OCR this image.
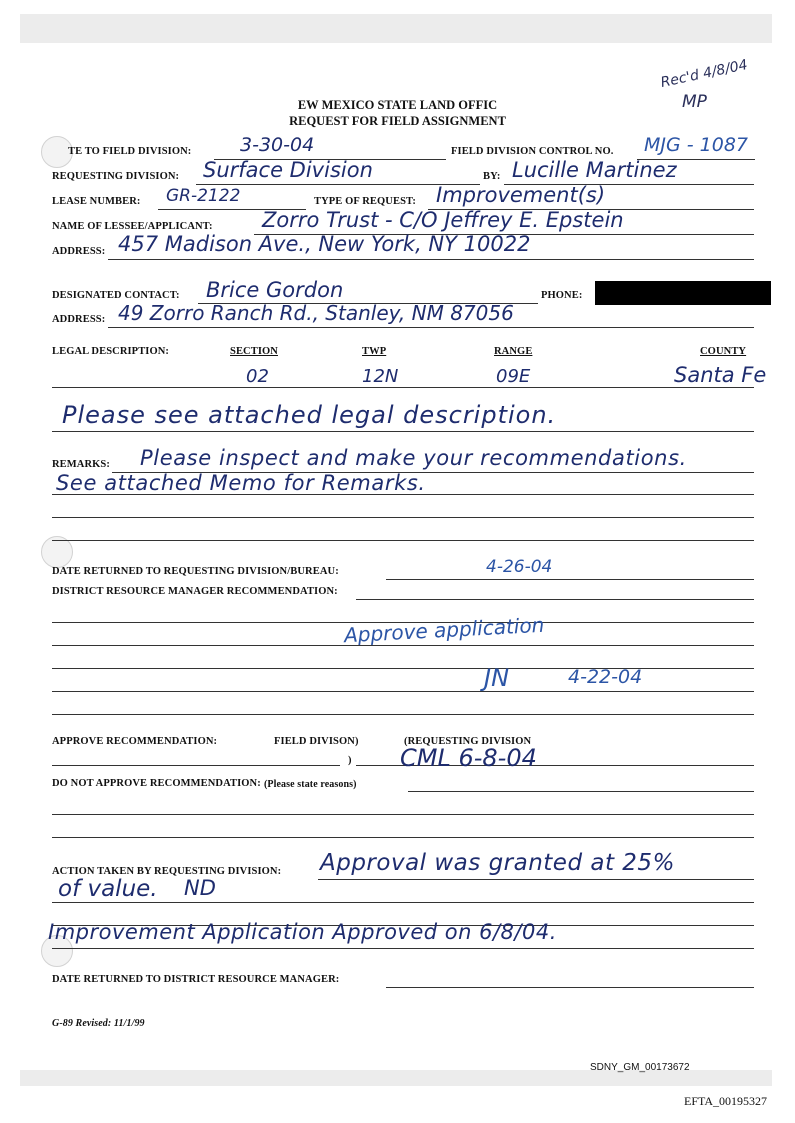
Rec'd 4/8/04
MP
EW MEXICO STATE LAND OFFIC
REQUEST FOR FIELD ASSIGNMENT
TE TO FIELD DIVISION:	3-30-04	FIELD DIVISION CONTROL NO. MJG - 1087
REQUESTING DIVISION: Surface Division	BY: Lucille Martinez
LEASE NUMBER: GR-2122	TYPE OF REQUEST: Improvement(s)
NAME OF LESSEE/APPLICANT: Zorro Trust - C/O Jeffrey E. Epstein
ADDRESS: 457 Madison Ave., New York, NY 10022
DESIGNATED CONTACT: Brice Gordon	PHONE:
ADDRESS: 49 Zorro Ranch Rd., Stanley, NM 87056
LEGAL DESCRIPTION:	SECTION	TWP	RANGE	COUNTY
02	12N	09E	Santa Fe
Please see attached legal description.
REMARKS: Please inspect and make your recommendations.
See attached Memo for Remarks.
DATE RETURNED TO REQUESTING DIVISION/BUREAU:	4-26-04
DISTRICT RESOURCE MANAGER RECOMMENDATION:
Approve application
JN	4-22-04
APPROVE RECOMMENDATION:	FIELD DIVISON)	(REQUESTING DIVISION
) CML 6-8-04
DO NOT APPROVE RECOMMENDATION: (Please state reasons)
ACTION TAKEN BY REQUESTING DIVISION: Approval was granted at 25%
of value. ND
Improvement Application Approved on 6/8/04.
DATE RETURNED TO DISTRICT RESOURCE MANAGER:
G-89 Revised: 11/1/99
SDNY_GM_00173672
EFTA_00195327
